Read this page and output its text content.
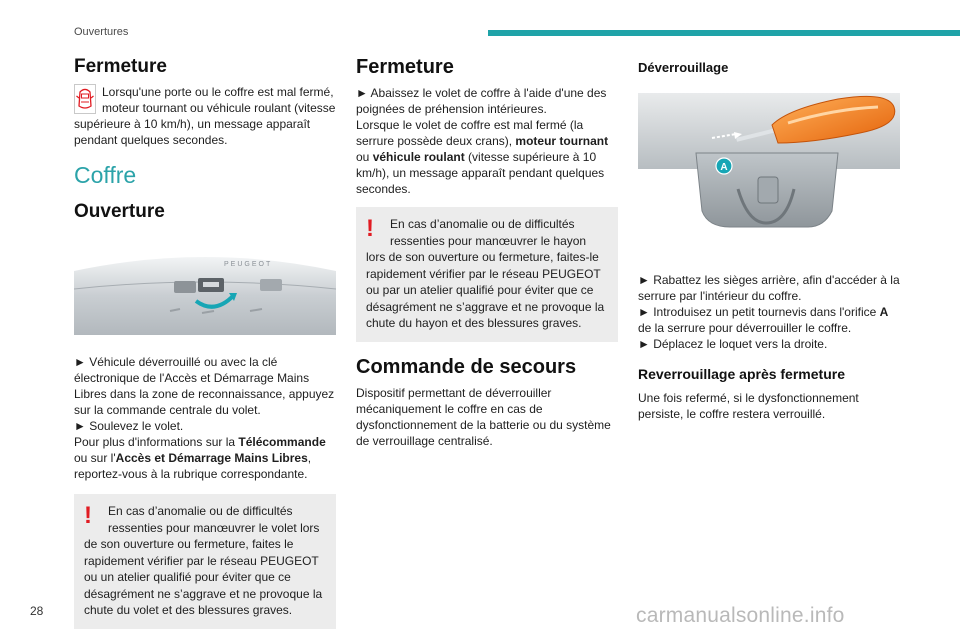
Ouvertures
Fermeture

Lorsqu'une porte ou le coffre est mal fermé, moteur tournant ou véhicule roulant (vitesse supérieure à 10 km/h), un message apparaît pendant quelques secondes.

Coffre
Ouverture
PEUGEOT

► Véhicule déverrouillé ou avec la clé électronique de l'Accès et Démarrage Mains Libres dans la zone de reconnaissance, appuyez sur la commande centrale du volet.

► Soulevez le volet.

Pour plus d'informations sur la Télécommande ou sur l'Accès et Démarrage Mains Libres, reportez-vous à la rubrique correspondante.

!	En cas d’anomalie ou de difficultés ressenties pour manœuvrer le volet lors de son ouverture ou fermeture, faites le rapidement vérifier par le réseau PEUGEOT ou un atelier qualifié pour éviter que ce désagrément ne s’aggrave et ne provoque la chute du volet et des blessures graves.
Fermeture

► Abaissez le volet de coffre à l'aide d'une des poignées de préhension intérieures.

Lorsque le volet de coffre est mal fermé (la serrure possède deux crans), moteur tournant ou véhicule roulant (vitesse supérieure à 10 km/h), un message apparaît pendant quelques secondes.

!	En cas d’anomalie ou de difficultés ressenties pour manœuvrer le hayon lors de son ouverture ou fermeture, faites-le rapidement vérifier par le réseau PEUGEOT ou par un atelier qualifié pour éviter que ce désagrément ne s’aggrave et ne provoque la chute du hayon et des blessures graves.
Commande de secours

Dispositif permettant de déverrouiller mécaniquement le coffre en cas de dysfonctionnement de la batterie ou du système de verrouillage centralisé.

Déverrouillage
A

► Rabattez les sièges arrière, afin d'accéder à la serrure par l'intérieur du coffre.

► Introduisez un petit tournevis dans l'orifice A de la serrure pour déverrouiller le coffre.

► Déplacez le loquet vers la droite.

Reverrouillage après fermeture

Une fois refermé, si le dysfonctionnement persiste, le coffre restera verrouillé.

28	carmanualsonline.info
